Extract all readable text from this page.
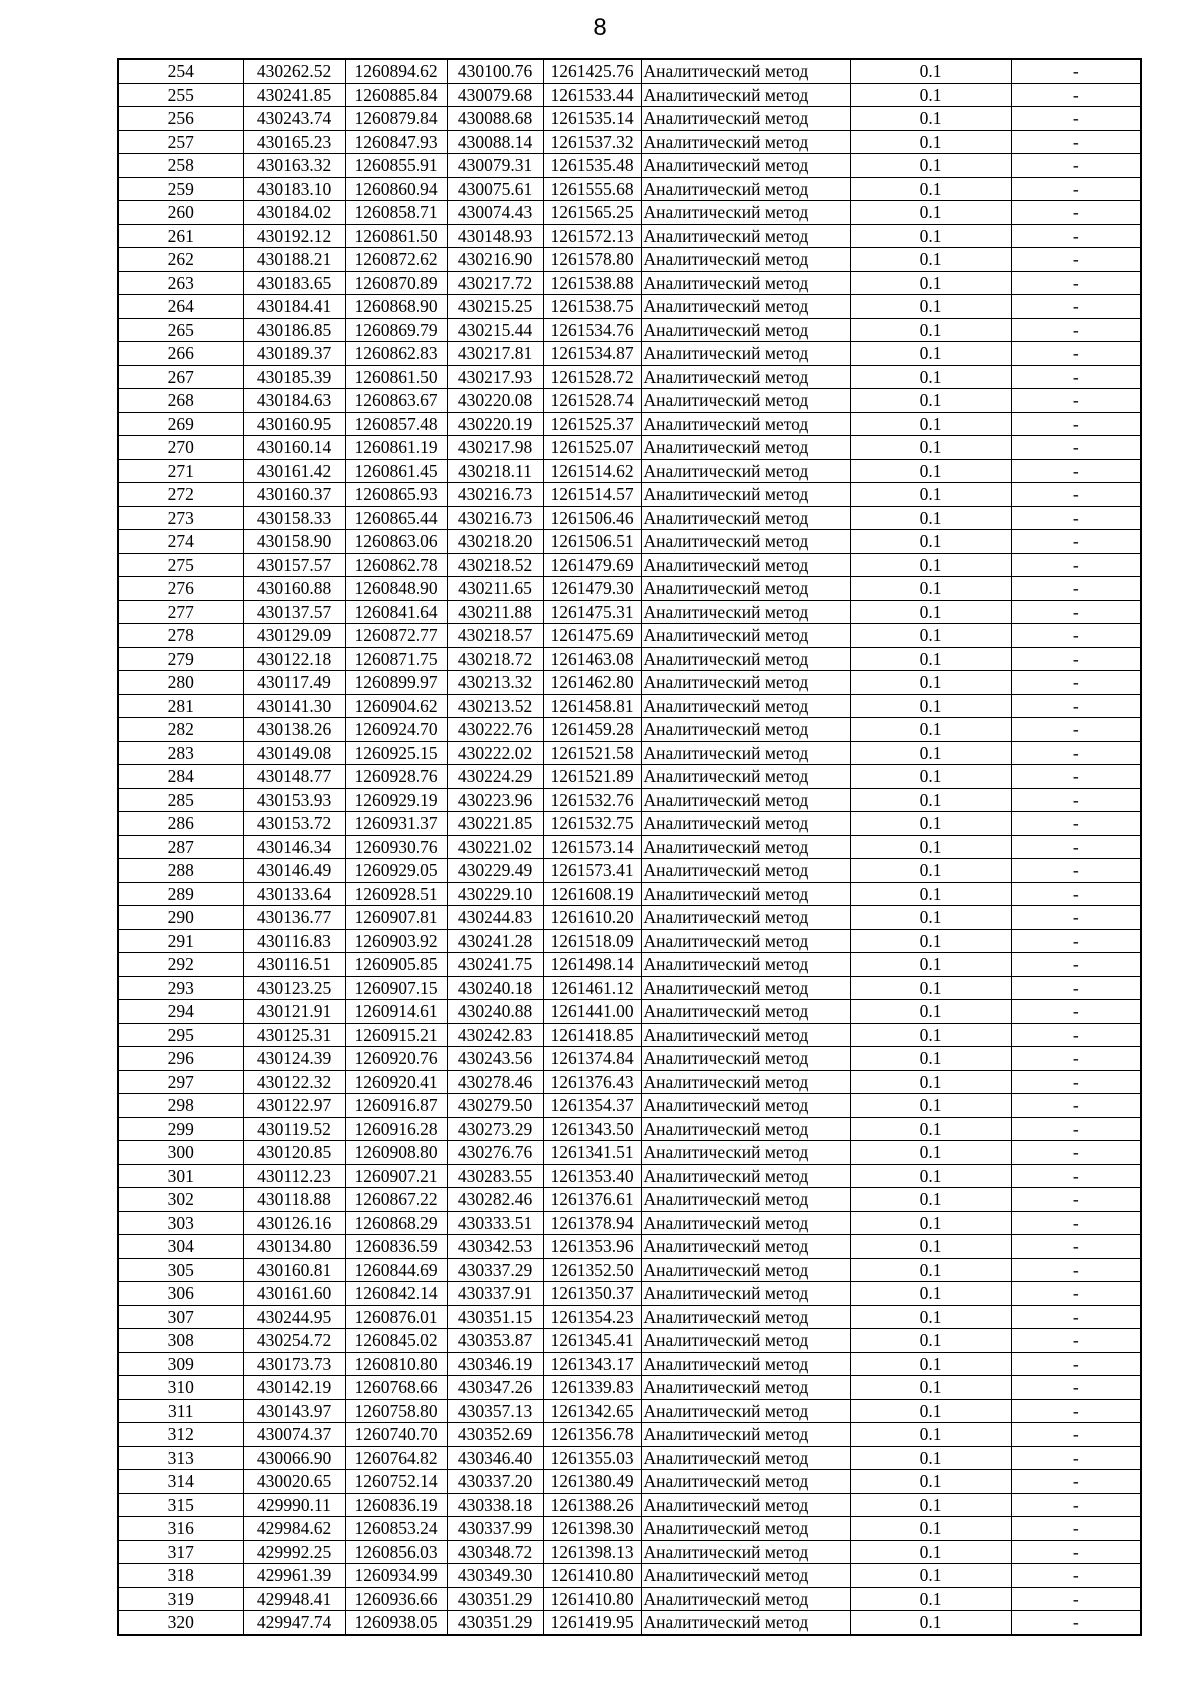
8
254	430262.52	1260894.62	430100.76	1261425.76	Аналитический метод	0.1	-
255	430241.85	1260885.84	430079.68	1261533.44	Аналитический метод	0.1	-
256	430243.74	1260879.84	430088.68	1261535.14	Аналитический метод	0.1	-
257	430165.23	1260847.93	430088.14	1261537.32	Аналитический метод	0.1	-
258	430163.32	1260855.91	430079.31	1261535.48	Аналитический метод	0.1	-
259	430183.10	1260860.94	430075.61	1261555.68	Аналитический метод	0.1	-
260	430184.02	1260858.71	430074.43	1261565.25	Аналитический метод	0.1	-
261	430192.12	1260861.50	430148.93	1261572.13	Аналитический метод	0.1	-
262	430188.21	1260872.62	430216.90	1261578.80	Аналитический метод	0.1	-
263	430183.65	1260870.89	430217.72	1261538.88	Аналитический метод	0.1	-
264	430184.41	1260868.90	430215.25	1261538.75	Аналитический метод	0.1	-
265	430186.85	1260869.79	430215.44	1261534.76	Аналитический метод	0.1	-
266	430189.37	1260862.83	430217.81	1261534.87	Аналитический метод	0.1	-
267	430185.39	1260861.50	430217.93	1261528.72	Аналитический метод	0.1	-
268	430184.63	1260863.67	430220.08	1261528.74	Аналитический метод	0.1	-
269	430160.95	1260857.48	430220.19	1261525.37	Аналитический метод	0.1	-
270	430160.14	1260861.19	430217.98	1261525.07	Аналитический метод	0.1	-
271	430161.42	1260861.45	430218.11	1261514.62	Аналитический метод	0.1	-
272	430160.37	1260865.93	430216.73	1261514.57	Аналитический метод	0.1	-
273	430158.33	1260865.44	430216.73	1261506.46	Аналитический метод	0.1	-
274	430158.90	1260863.06	430218.20	1261506.51	Аналитический метод	0.1	-
275	430157.57	1260862.78	430218.52	1261479.69	Аналитический метод	0.1	-
276	430160.88	1260848.90	430211.65	1261479.30	Аналитический метод	0.1	-
277	430137.57	1260841.64	430211.88	1261475.31	Аналитический метод	0.1	-
278	430129.09	1260872.77	430218.57	1261475.69	Аналитический метод	0.1	-
279	430122.18	1260871.75	430218.72	1261463.08	Аналитический метод	0.1	-
280	430117.49	1260899.97	430213.32	1261462.80	Аналитический метод	0.1	-
281	430141.30	1260904.62	430213.52	1261458.81	Аналитический метод	0.1	-
282	430138.26	1260924.70	430222.76	1261459.28	Аналитический метод	0.1	-
283	430149.08	1260925.15	430222.02	1261521.58	Аналитический метод	0.1	-
284	430148.77	1260928.76	430224.29	1261521.89	Аналитический метод	0.1	-
285	430153.93	1260929.19	430223.96	1261532.76	Аналитический метод	0.1	-
286	430153.72	1260931.37	430221.85	1261532.75	Аналитический метод	0.1	-
287	430146.34	1260930.76	430221.02	1261573.14	Аналитический метод	0.1	-
288	430146.49	1260929.05	430229.49	1261573.41	Аналитический метод	0.1	-
289	430133.64	1260928.51	430229.10	1261608.19	Аналитический метод	0.1	-
290	430136.77	1260907.81	430244.83	1261610.20	Аналитический метод	0.1	-
291	430116.83	1260903.92	430241.28	1261518.09	Аналитический метод	0.1	-
292	430116.51	1260905.85	430241.75	1261498.14	Аналитический метод	0.1	-
293	430123.25	1260907.15	430240.18	1261461.12	Аналитический метод	0.1	-
294	430121.91	1260914.61	430240.88	1261441.00	Аналитический метод	0.1	-
295	430125.31	1260915.21	430242.83	1261418.85	Аналитический метод	0.1	-
296	430124.39	1260920.76	430243.56	1261374.84	Аналитический метод	0.1	-
297	430122.32	1260920.41	430278.46	1261376.43	Аналитический метод	0.1	-
298	430122.97	1260916.87	430279.50	1261354.37	Аналитический метод	0.1	-
299	430119.52	1260916.28	430273.29	1261343.50	Аналитический метод	0.1	-
300	430120.85	1260908.80	430276.76	1261341.51	Аналитический метод	0.1	-
301	430112.23	1260907.21	430283.55	1261353.40	Аналитический метод	0.1	-
302	430118.88	1260867.22	430282.46	1261376.61	Аналитический метод	0.1	-
303	430126.16	1260868.29	430333.51	1261378.94	Аналитический метод	0.1	-
304	430134.80	1260836.59	430342.53	1261353.96	Аналитический метод	0.1	-
305	430160.81	1260844.69	430337.29	1261352.50	Аналитический метод	0.1	-
306	430161.60	1260842.14	430337.91	1261350.37	Аналитический метод	0.1	-
307	430244.95	1260876.01	430351.15	1261354.23	Аналитический метод	0.1	-
308	430254.72	1260845.02	430353.87	1261345.41	Аналитический метод	0.1	-
309	430173.73	1260810.80	430346.19	1261343.17	Аналитический метод	0.1	-
310	430142.19	1260768.66	430347.26	1261339.83	Аналитический метод	0.1	-
311	430143.97	1260758.80	430357.13	1261342.65	Аналитический метод	0.1	-
312	430074.37	1260740.70	430352.69	1261356.78	Аналитический метод	0.1	-
313	430066.90	1260764.82	430346.40	1261355.03	Аналитический метод	0.1	-
314	430020.65	1260752.14	430337.20	1261380.49	Аналитический метод	0.1	-
315	429990.11	1260836.19	430338.18	1261388.26	Аналитический метод	0.1	-
316	429984.62	1260853.24	430337.99	1261398.30	Аналитический метод	0.1	-
317	429992.25	1260856.03	430348.72	1261398.13	Аналитический метод	0.1	-
318	429961.39	1260934.99	430349.30	1261410.80	Аналитический метод	0.1	-
319	429948.41	1260936.66	430351.29	1261410.80	Аналитический метод	0.1	-
320	429947.74	1260938.05	430351.29	1261419.95	Аналитический метод	0.1	-
